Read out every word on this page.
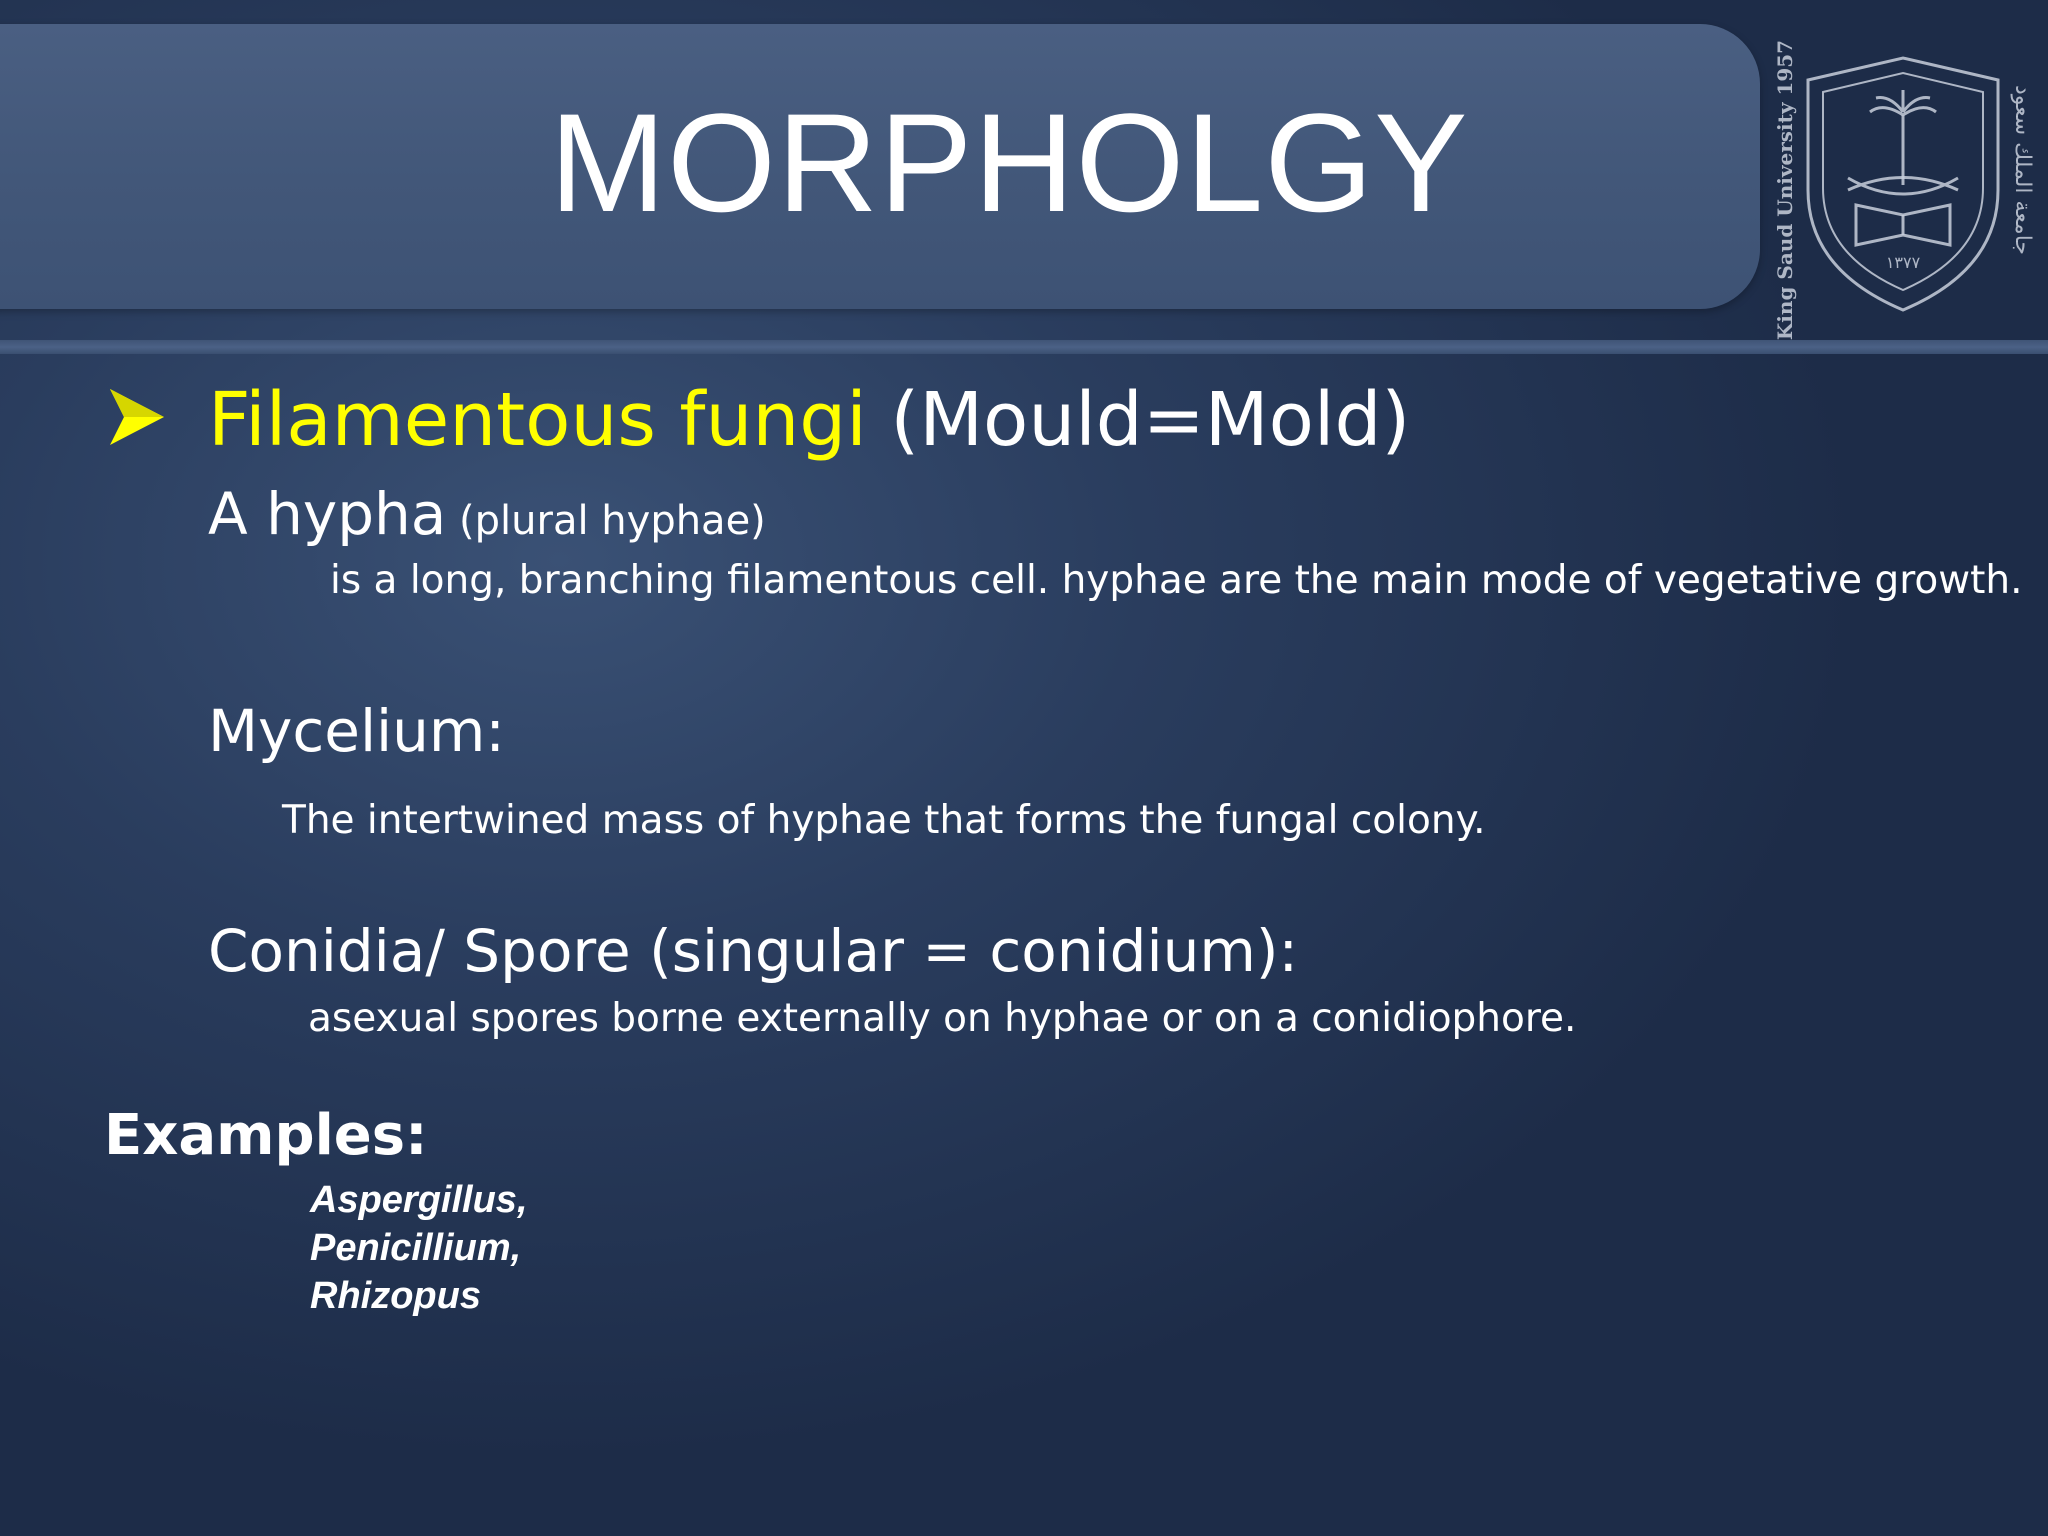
MORPHOLGY	King Saud University 1957	جامعة الملك سعود
١٣٧٧
Filamentous fungi (Mould=Mold)
A hypha (plural hyphae)
is a long, branching filamentous cell. hyphae are the main mode of vegetative growth.
Mycelium:
The intertwined mass of hyphae that forms the fungal colony.
Conidia/ Spore (singular = conidium):
asexual spores borne externally on hyphae or on a conidiophore.
Examples:
Aspergillus,
Penicillium,
Rhizopus
